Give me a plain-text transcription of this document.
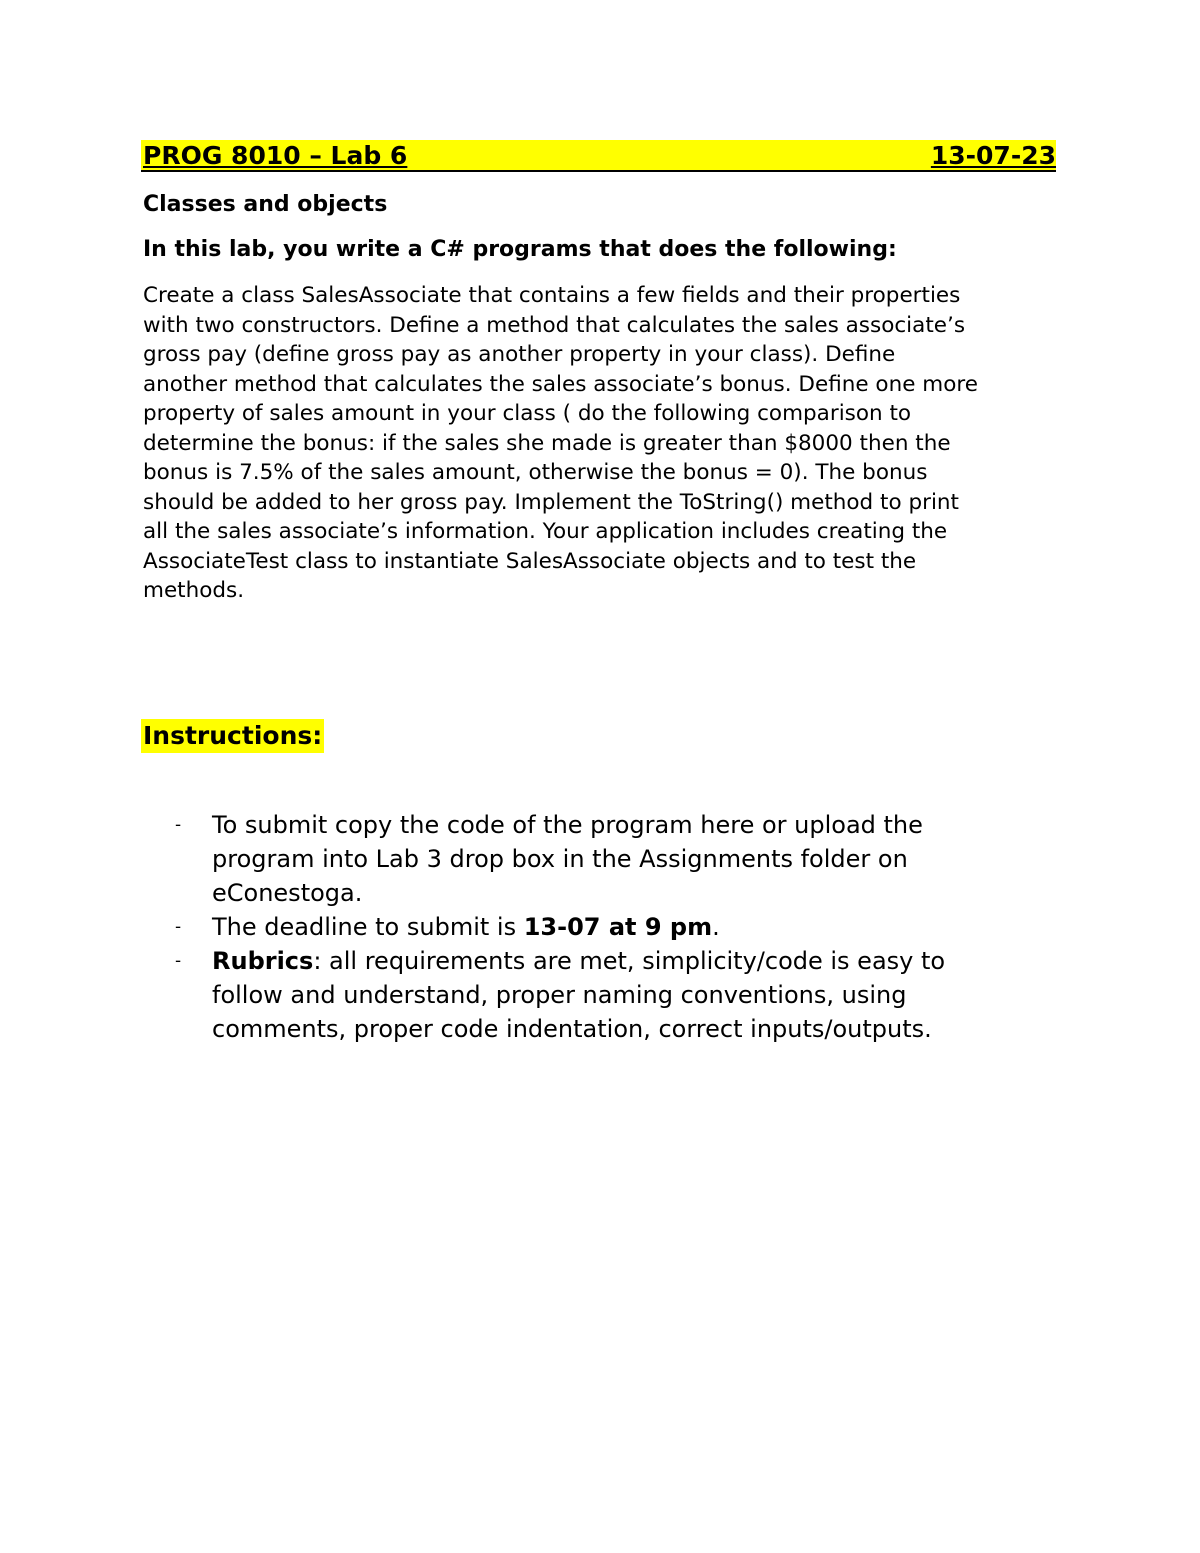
PROG 8010 – Lab 6	13-07-23
Classes and objects
In this lab, you write a C# programs that does the following:
Create a class SalesAssociate that contains a few fields and their properties
with two constructors. Define a method that calculates the sales associate’s
gross pay (define gross pay as another property in your class). Define
another method that calculates the sales associate’s bonus. Define one more
property of sales amount in your class ( do the following comparison to
determine the bonus: if the sales she made is greater than $8000 then the
bonus is 7.5% of the sales amount, otherwise the bonus = 0). The bonus
should be added to her gross pay. Implement the ToString() method to print
all the sales associate’s information. Your application includes creating the
AssociateTest class to instantiate SalesAssociate objects and to test the
methods.
Instructions:
- To submit copy the code of the program here or upload the
program into Lab 3 drop box in the Assignments folder on
eConestoga.
- The deadline to submit is 13-07 at 9 pm.
- Rubrics: all requirements are met, simplicity/code is easy to
follow and understand, proper naming conventions, using
comments, proper code indentation, correct inputs/outputs.
